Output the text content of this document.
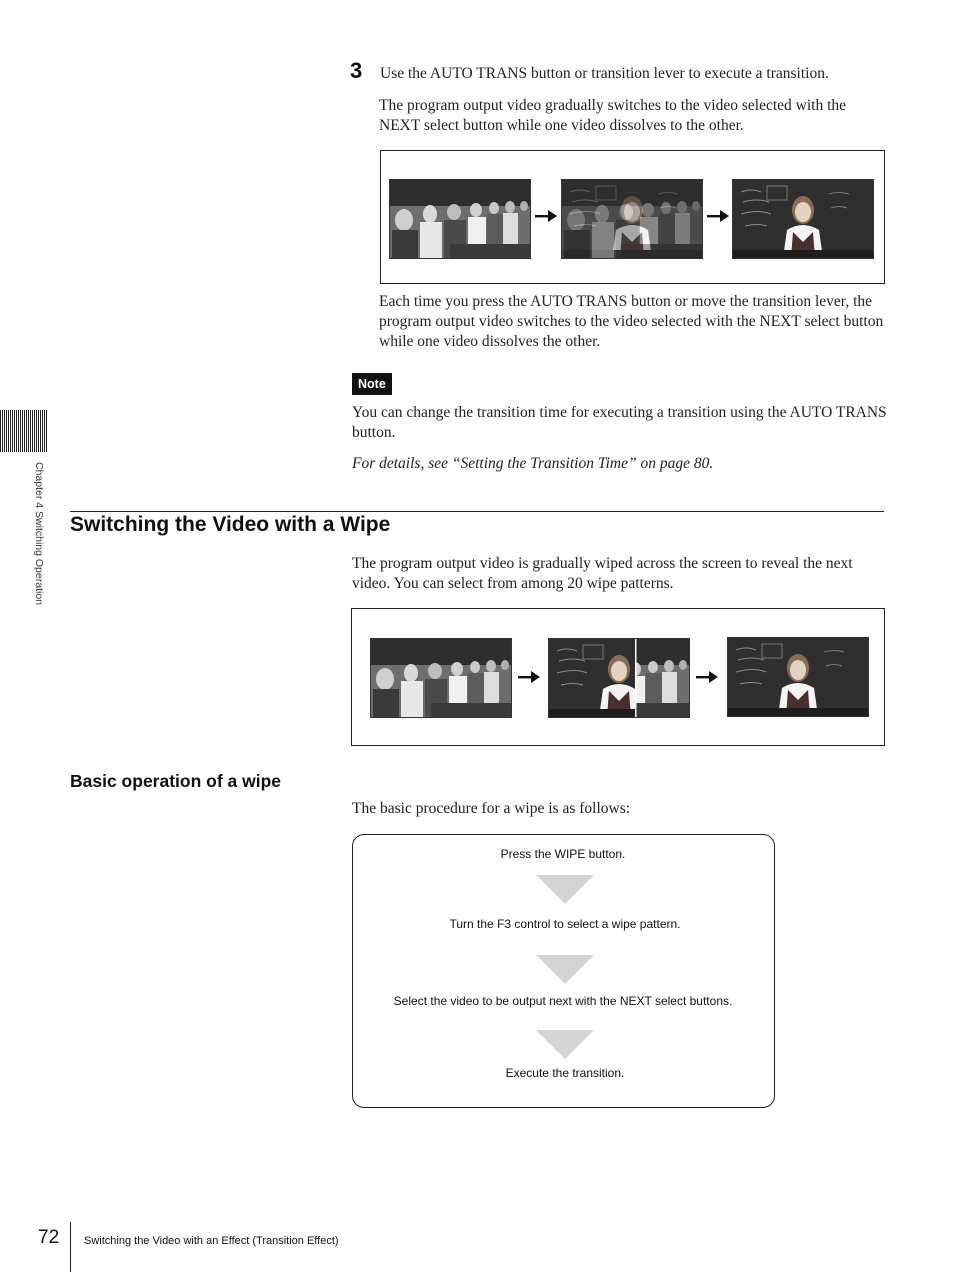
3 Use the AUTO TRANS button or transition lever to execute a transition.
The program output video gradually switches to the video selected with the NEXT select button while one video dissolves to the other.
Each time you press the AUTO TRANS button or move the transition lever, the program output video switches to the video selected with the NEXT select button while one video dissolves the other.
Note
You can change the transition time for executing a transition using the AUTO TRANS button.
For details, see “Setting the Transition Time” on page 80.
Switching the Video with a Wipe
The program output video is gradually wiped across the screen to reveal the next video. You can select from among 20 wipe patterns.
Basic operation of a wipe
The basic procedure for a wipe is as follows:
Press the WIPE button.
Turn the F3 control to select a wipe pattern.
Select the video to be output next with the NEXT select buttons.
Execute the transition.
Chapter 4 Switching Operation
72 Switching the Video with an Effect (Transition Effect)
